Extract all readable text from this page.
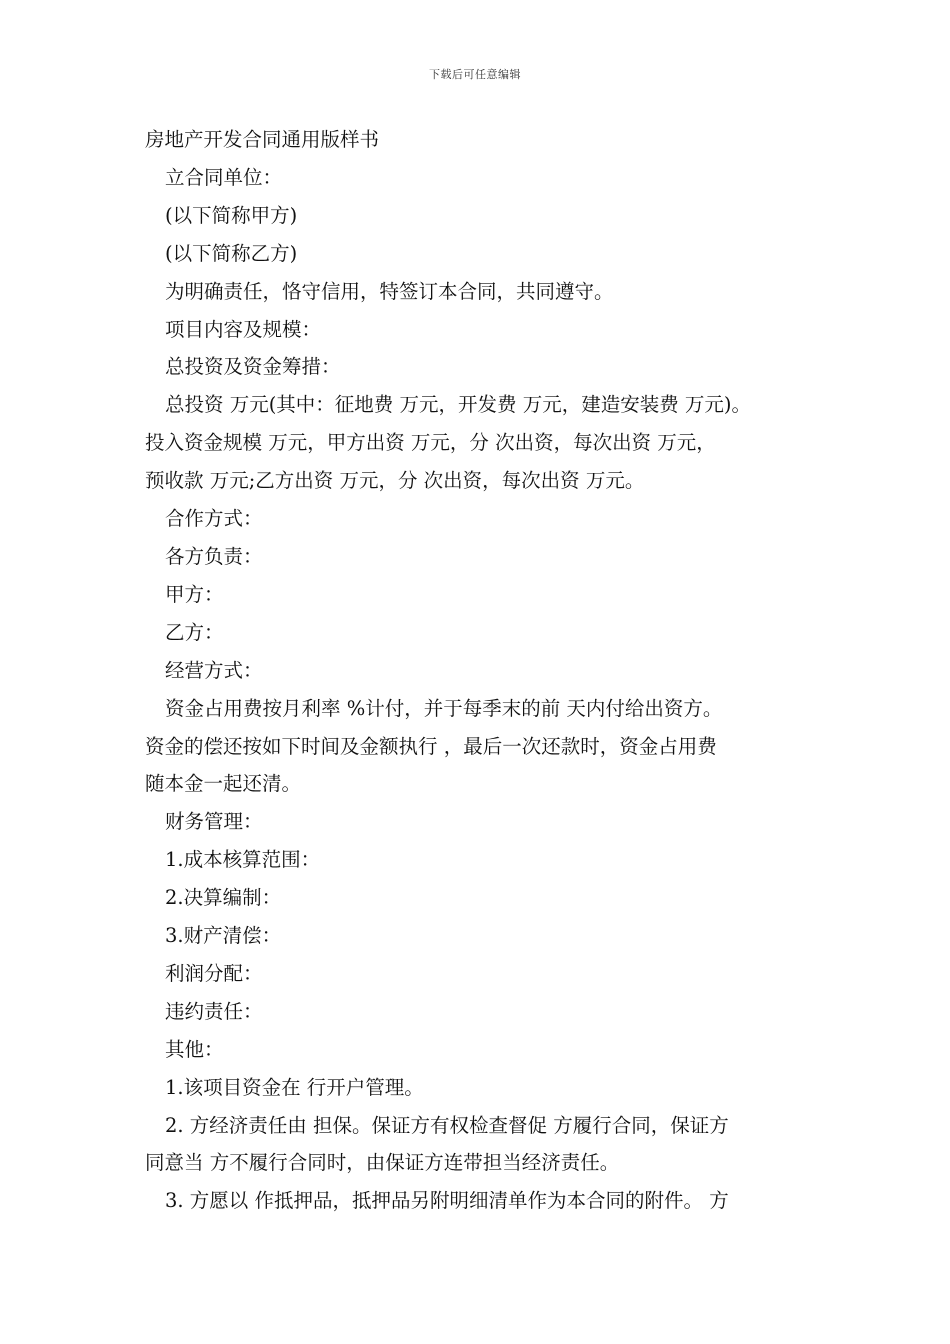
下载后可任意编辑

房地产开发合同通用版样书

立合同单位：

(以下简称甲方)

(以下简称乙方)

为明确责任，恪守信用，特签订本合同，共同遵守。

项目内容及规模：

总投资及资金筹措：

总投资 万元(其中：征地费 万元，开发费 万元，建造安装费 万元)。

投入资金规模 万元，甲方出资 万元，分 次出资，每次出资 万元，

预收款 万元;乙方出资 万元，分 次出资，每次出资 万元。

合作方式：

各方负责：

甲方：

乙方：

经营方式：

资金占用费按月利率 %计付，并于每季末的前 天内付给出资方。

资金的偿还按如下时间及金额执行 ，最后一次还款时，资金占用费

随本金一起还清。

财务管理：

1.成本核算范围：

2.决算编制：

3.财产清偿：

利润分配：

违约责任：

其他：

1.该项目资金在 行开户管理。

2. 方经济责任由 担保。保证方有权检查督促 方履行合同，保证方

同意当 方不履行合同时，由保证方连带担当经济责任。

3. 方愿以 作抵押品，抵押品另附明细清单作为本合同的附件。 方
